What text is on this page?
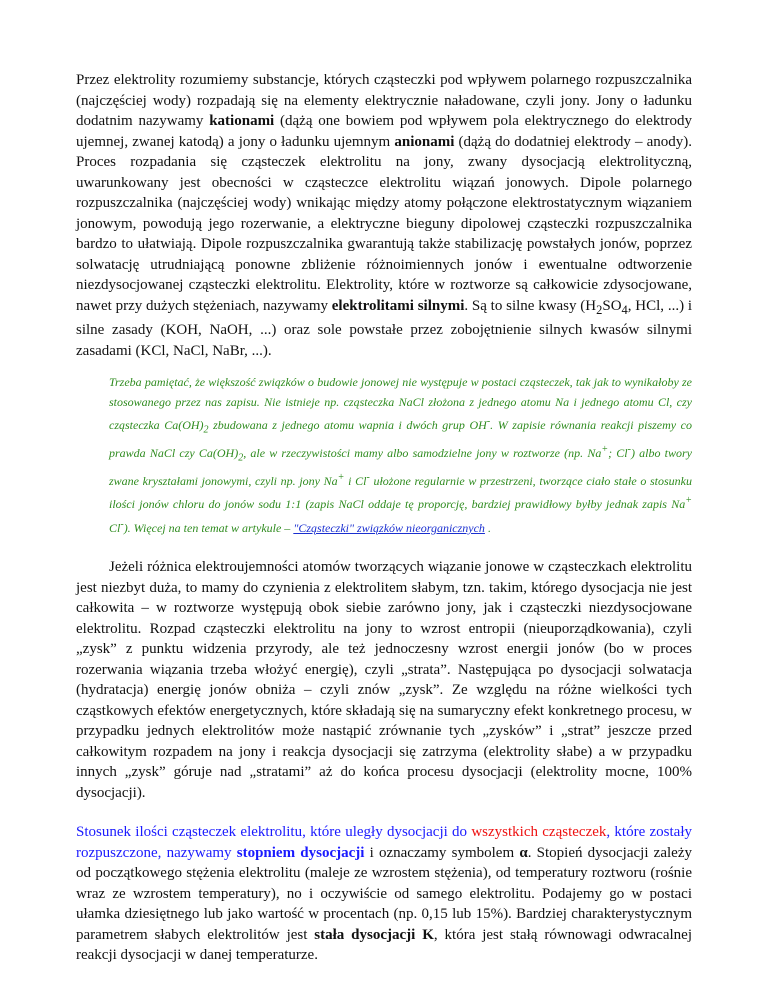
Przez elektrolity rozumiemy substancje, których cząsteczki pod wpływem polarnego rozpuszczalnika (najczęściej wody) rozpadają się na elementy elektrycznie naładowane, czyli jony. Jony o ładunku dodatnim nazywamy kationami (dążą one bowiem pod wpływem pola elektrycznego do elektrody ujemnej, zwanej katodą) a jony o ładunku ujemnym anionami (dążą do dodatniej elektrody – anody). Proces rozpadania się cząsteczek elektrolitu na jony, zwany dysocjacją elektrolityczną, uwarunkowany jest obecności w cząsteczce elektrolitu wiązań jonowych. Dipole polarnego rozpuszczalnika (najczęściej wody) wnikając między atomy połączone elektrostatycznym wiązaniem jonowym, powodują jego rozerwanie, a elektryczne bieguny dipolowej cząsteczki rozpuszczalnika bardzo to ułatwiają. Dipole rozpuszczalnika gwarantują także stabilizację powstałych jonów, poprzez solwatację utrudniającą ponowne zbliżenie różnoimiennych jonów i ewentualne odtworzenie niezdysocjowanej cząsteczki elektrolitu. Elektrolity, które w roztworze są całkowicie zdysocjowane, nawet przy dużych stężeniach, nazywamy elektrolitami silnymi. Są to silne kwasy ($H_2SO_4$, HCl, ...) i silne zasady (KOH, NaOH, ...) oraz sole powstałe przez zobojętnienie silnych kwasów silnymi zasadami (KCl, NaCl, NaBr, ...).

Trzeba pamiętać, że większość związków o budowie jonowej nie występuje w postaci cząsteczek, tak jak to wynikałoby ze stosowanego przez nas zapisu. Nie istnieje np. cząsteczka NaCl złożona z jednego atomu Na i jednego atomu Cl, czy cząsteczka $Ca(OH)_2$ zbudowana z jednego atomu wapnia i dwóch grup OH-. W zapisie równania reakcji piszemy co prawda NaCl czy $Ca(OH)_2$, ale w rzeczywistości mamy albo samodzielne jony w roztworze (np. Na+; Cl-) albo twory zwane kryształami jonowymi, czyli np. jony Na+ i Cl- ułożone regularnie w przestrzeni, tworzące ciało stałe o stosunku ilości jonów chloru do jonów sodu 1:1 (zapis NaCl oddaje tę proporcję, bardziej prawidłowy byłby jednak zapis Na+ Cl-). Więcej na ten temat w artykule – "Cząsteczki" związków nieorganicznych .

Jeżeli różnica elektroujemności atomów tworzących wiązanie jonowe w cząsteczkach elektrolitu jest niezbyt duża, to mamy do czynienia z elektrolitem słabym, tzn. takim, którego dysocjacja nie jest całkowita – w roztworze występują obok siebie zarówno jony, jak i cząsteczki niezdysocjowane elektrolitu. Rozpad cząsteczki elektrolitu na jony to wzrost entropii (nieuporządkowania), czyli „zysk” z punktu widzenia przyrody, ale też jednoczesny wzrost energii jonów (bo w proces rozerwania wiązania trzeba włożyć energię), czyli „strata”. Następująca po dysocjacji solwatacja (hydratacja) energię jonów obniża – czyli znów „zysk”. Ze względu na różne wielkości tych cząstkowych efektów energetycznych, które składają się na sumaryczny efekt konkretnego procesu, w przypadku jednych elektrolitów może nastąpić zrównanie tych „zysków” i „strat” jeszcze przed całkowitym rozpadem na jony i reakcja dysocjacji się zatrzyma (elektrolity słabe) a w przypadku innych „zysk” góruje nad „stratami” aż do końca procesu dysocjacji (elektrolity mocne, 100% dysocjacji).

Stosunek ilości cząsteczek elektrolitu, które uległy dysocjacji do wszystkich cząsteczek, które zostały rozpuszczone, nazywamy stopniem dysocjacji i oznaczamy symbolem α. Stopień dysocjacji zależy od początkowego stężenia elektrolitu (maleje ze wzrostem stężenia), od temperatury roztworu (rośnie wraz ze wzrostem temperatury), no i oczywiście od samego elektrolitu. Podajemy go w postaci ułamka dziesiętnego lub jako wartość w procentach (np. 0,15 lub 15%). Bardziej charakterystycznym parametrem słabych elektrolitów jest stała dysocjacji K, która jest stałą równowagi odwracalnej reakcji dysocjacji w danej temperaturze.
